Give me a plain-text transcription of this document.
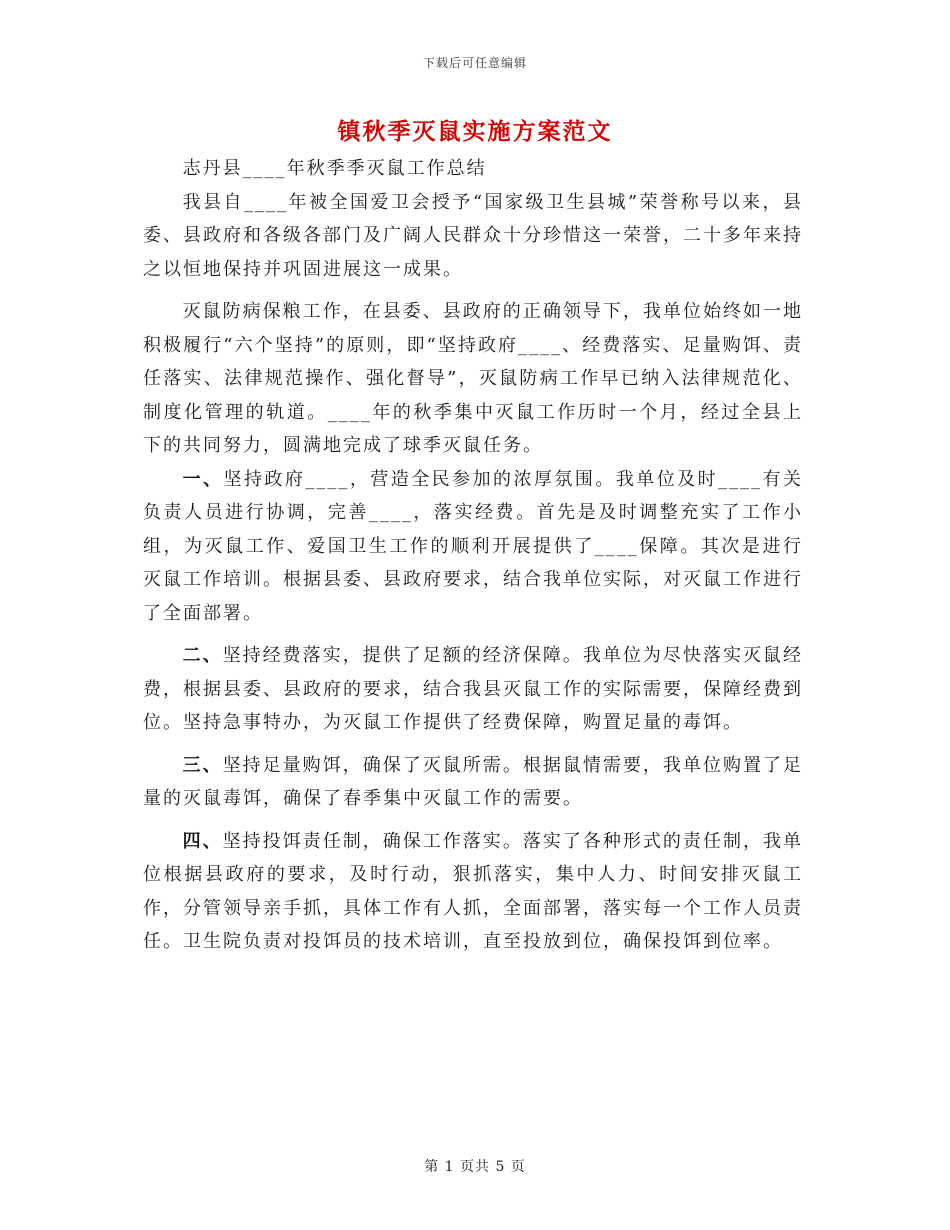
下载后可任意编辑
镇秋季灭鼠实施方案范文

志丹县____年秋季季灭鼠工作总结

我县自____年被全国爱卫会授予“国家级卫生县城”荣誉称号以来，县委、县政府和各级各部门及广阔人民群众十分珍惜这一荣誉，二十多年来持之以恒地保持并巩固进展这一成果。

灭鼠防病保粮工作，在县委、县政府的正确领导下，我单位始终如一地积极履行“六个坚持”的原则，即“坚持政府____、经费落实、足量购饵、责任落实、法律规范操作、强化督导”，灭鼠防病工作早已纳入法律规范化、制度化管理的轨道。____年的秋季集中灭鼠工作历时一个月，经过全县上下的共同努力，圆满地完成了球季灭鼠任务。

一、坚持政府____，营造全民参加的浓厚氛围。我单位及时____有关负责人员进行协调，完善____，落实经费。首先是及时调整充实了工作小组，为灭鼠工作、爱国卫生工作的顺利开展提供了____保障。其次是进行灭鼠工作培训。根据县委、县政府要求，结合我单位实际，对灭鼠工作进行了全面部署。

二、坚持经费落实，提供了足额的经济保障。我单位为尽快落实灭鼠经费，根据县委、县政府的要求，结合我县灭鼠工作的实际需要，保障经费到位。坚持急事特办，为灭鼠工作提供了经费保障，购置足量的毒饵。

三、坚持足量购饵，确保了灭鼠所需。根据鼠情需要，我单位购置了足量的灭鼠毒饵，确保了春季集中灭鼠工作的需要。

四、坚持投饵责任制，确保工作落实。落实了各种形式的责任制，我单位根据县政府的要求，及时行动，狠抓落实，集中人力、时间安排灭鼠工作，分管领导亲手抓，具体工作有人抓，全面部署，落实每一个工作人员责任。卫生院负责对投饵员的技术培训，直至投放到位，确保投饵到位率。

第 1 页共 5 页
